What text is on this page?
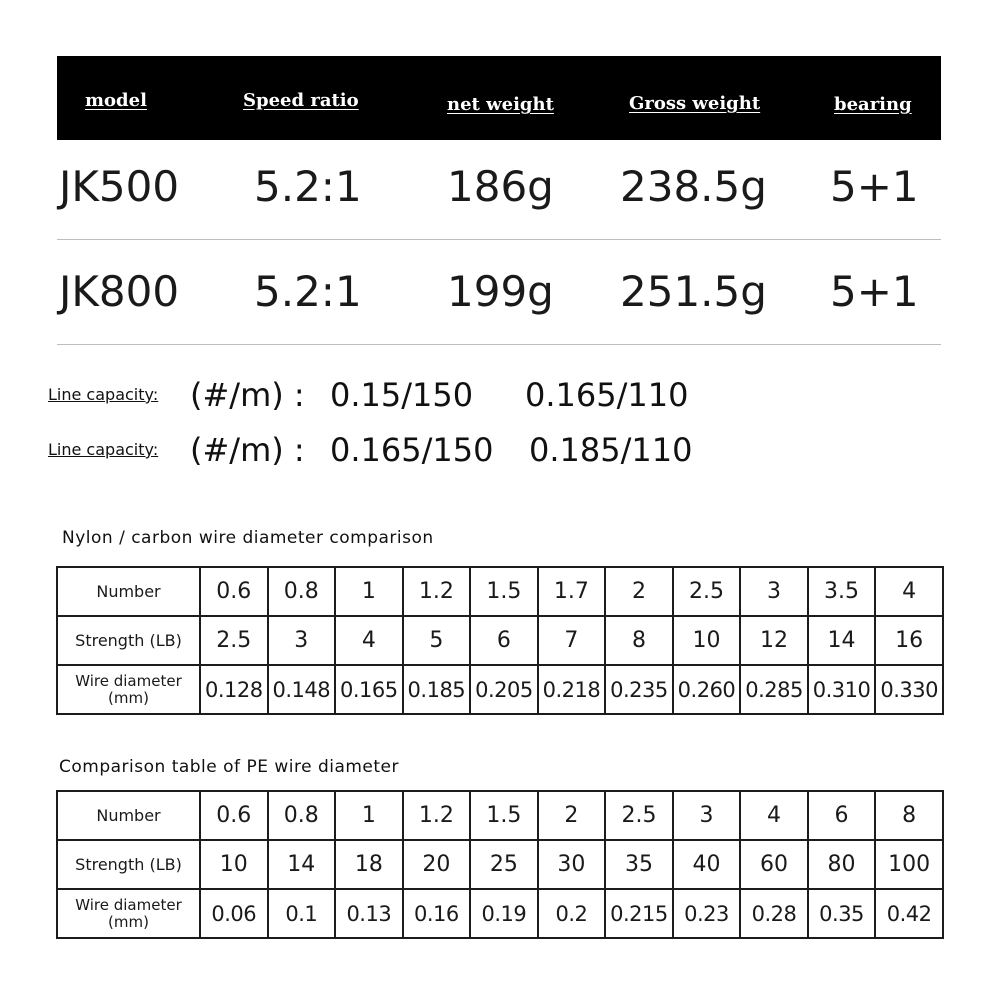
model	Speed ratio	net weight	Gross weight	bearing
JK500 5.2:1 186g 238.5g 5+1
JK800 5.2:1 199g 251.5g 5+1
Line capacity: (#/m) : 0.15/150 0.165/110
Line capacity: (#/m) : 0.165/150 0.185/110
Nylon / carbon wire diameter comparison
Number	0.6	0.8	1	1.2	1.5	1.7	2	2.5	3	3.5	4
Strength (LB)	2.5	3	4	5	6	7	8	10	12	14	16
Wire diameter (mm)	0.128	0.148	0.165	0.185	0.205	0.218	0.235	0.260	0.285	0.310	0.330
Comparison table of PE wire diameter
Number	0.6	0.8	1	1.2	1.5	2	2.5	3	4	6	8
Strength (LB)	10	14	18	20	25	30	35	40	60	80	100
Wire diameter (mm)	0.06	0.1	0.13	0.16	0.19	0.2	0.215	0.23	0.28	0.35	0.42
